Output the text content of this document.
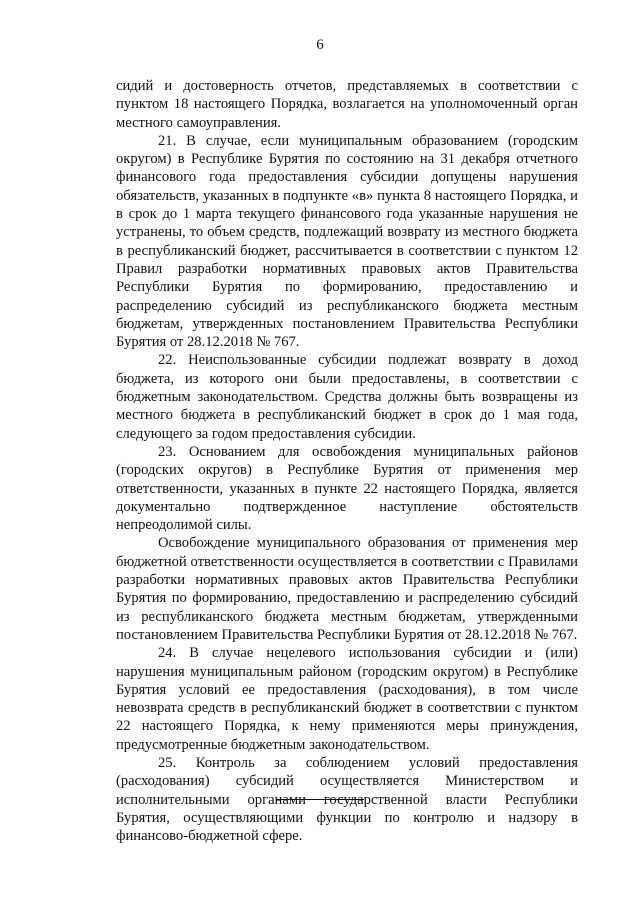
6

сидий и достоверность отчетов, представляемых в соответствии с пунктом 18 настоящего Порядка, возлагается на уполномоченный орган местного самоуправления.

21. В случае, если муниципальным образованием (городским округом) в Республике Бурятия по состоянию на 31 декабря отчетного финансового года предоставления субсидии допущены нарушения обязательств, указанных в подпункте «в» пункта 8 настоящего Порядка, и в срок до 1 марта текущего финансового года указанные нарушения не устранены, то объем средств, подлежащий возврату из местного бюджета в республиканский бюджет, рассчитывается в соответствии с пунктом 12 Правил разработки нормативных правовых актов Правительства Республики Бурятия по формированию, предоставлению и распределению субсидий из республиканского бюджета местным бюджетам, утвержденных постановлением Правительства Республики Бурятия от 28.12.2018 № 767.

22. Неиспользованные субсидии подлежат возврату в доход бюджета, из которого они были предоставлены, в соответствии с бюджетным законодательством. Средства должны быть возвращены из местного бюджета в республиканский бюджет в срок до 1 мая года, следующего за годом предоставления субсидии.

23. Основанием для освобождения муниципальных районов (городских округов) в Республике Бурятия от применения мер ответственности, указанных в пункте 22 настоящего Порядка, является документально подтвержденное наступление обстоятельств непреодолимой силы.

Освобождение муниципального образования от применения мер бюджетной ответственности осуществляется в соответствии с Правилами разработки нормативных правовых актов Правительства Республики Бурятия по формированию, предоставлению и распределению субсидий из республиканского бюджета местным бюджетам, утвержденными постановлением Правительства Республики Бурятия от 28.12.2018 № 767.

24. В случае нецелевого использования субсидии и (или) нарушения муниципальным районом (городским округом) в Республике Бурятия условий ее предоставления (расходования), в том числе невозврата средств в республиканский бюджет в соответствии с пунктом 22 настоящего Порядка, к нему применяются меры принуждения, предусмотренные бюджетным законодательством.

25. Контроль за соблюдением условий предоставления (расходования) субсидий осуществляется Министерством и исполнительными органами государственной власти Республики Бурятия, осуществляющими функции по контролю и надзору в финансово-бюджетной сфере.
